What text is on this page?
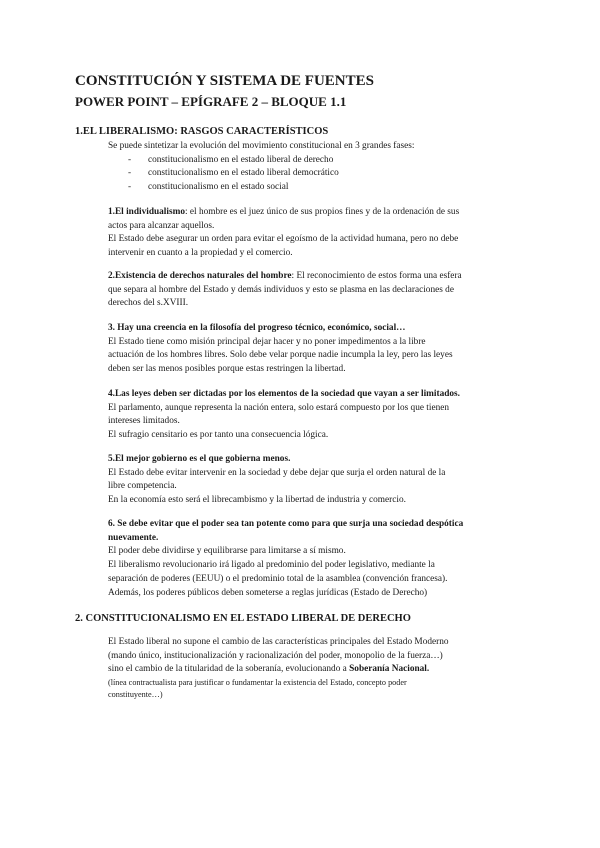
CONSTITUCIÓN Y SISTEMA DE FUENTES
POWER POINT – EPÍGRAFE 2 – BLOQUE 1.1
1.EL LIBERALISMO: RASGOS CARACTERÍSTICOS

Se puede sintetizar la evolución del movimiento constitucional en 3 grandes fases:

-	constitucionalismo en el estado liberal de derecho
-	constitucionalismo en el estado liberal democrático
-	constitucionalismo en el estado social

1.El individualismo: el hombre es el juez único de sus propios fines y de la ordenación de sus

actos para alcanzar aquellos.

El Estado debe asegurar un orden para evitar el egoísmo de la actividad humana, pero no debe

intervenir en cuanto a la propiedad y el comercio.

2.Existencia de derechos naturales del hombre: El reconocimiento de estos forma una esfera

que separa al hombre del Estado y demás individuos y esto se plasma en las declaraciones de

derechos del s.XVIII.

3. Hay una creencia en la filosofía del progreso técnico, económico, social…

El Estado tiene como misión principal dejar hacer y no poner impedimentos a la libre

actuación de los hombres libres. Solo debe velar porque nadie incumpla la ley, pero las leyes

deben ser las menos posibles porque estas restringen la libertad.

4.Las leyes deben ser dictadas por los elementos de la sociedad que vayan a ser limitados.

El parlamento, aunque representa la nación entera, solo estará compuesto por los que tienen

intereses limitados.

El sufragio censitario es por tanto una consecuencia lógica.

5.El mejor gobierno es el que gobierna menos.

El Estado debe evitar intervenir en la sociedad y debe dejar que surja el orden natural de la

libre competencia.

En la economía esto será el librecambismo y la libertad de industria y comercio.

6. Se debe evitar que el poder sea tan potente como para que surja una sociedad despótica

nuevamente.

El poder debe dividirse y equilibrarse para limitarse a sí mismo.

El liberalismo revolucionario irá ligado al predominio del poder legislativo, mediante la

separación de poderes (EEUU) o el predominio total de la asamblea (convención francesa).

Además, los poderes públicos deben someterse a reglas jurídicas (Estado de Derecho)

2. CONSTITUCIONALISMO EN EL ESTADO LIBERAL DE DERECHO

El Estado liberal no supone el cambio de las características principales del Estado Moderno

(mando único, institucionalización y racionalización del poder, monopolio de la fuerza…)

sino el cambio de la titularidad de la soberanía, evolucionando a Soberanía Nacional.

(línea contractualista para justificar o fundamentar la existencia del Estado, concepto poder

constituyente…)
